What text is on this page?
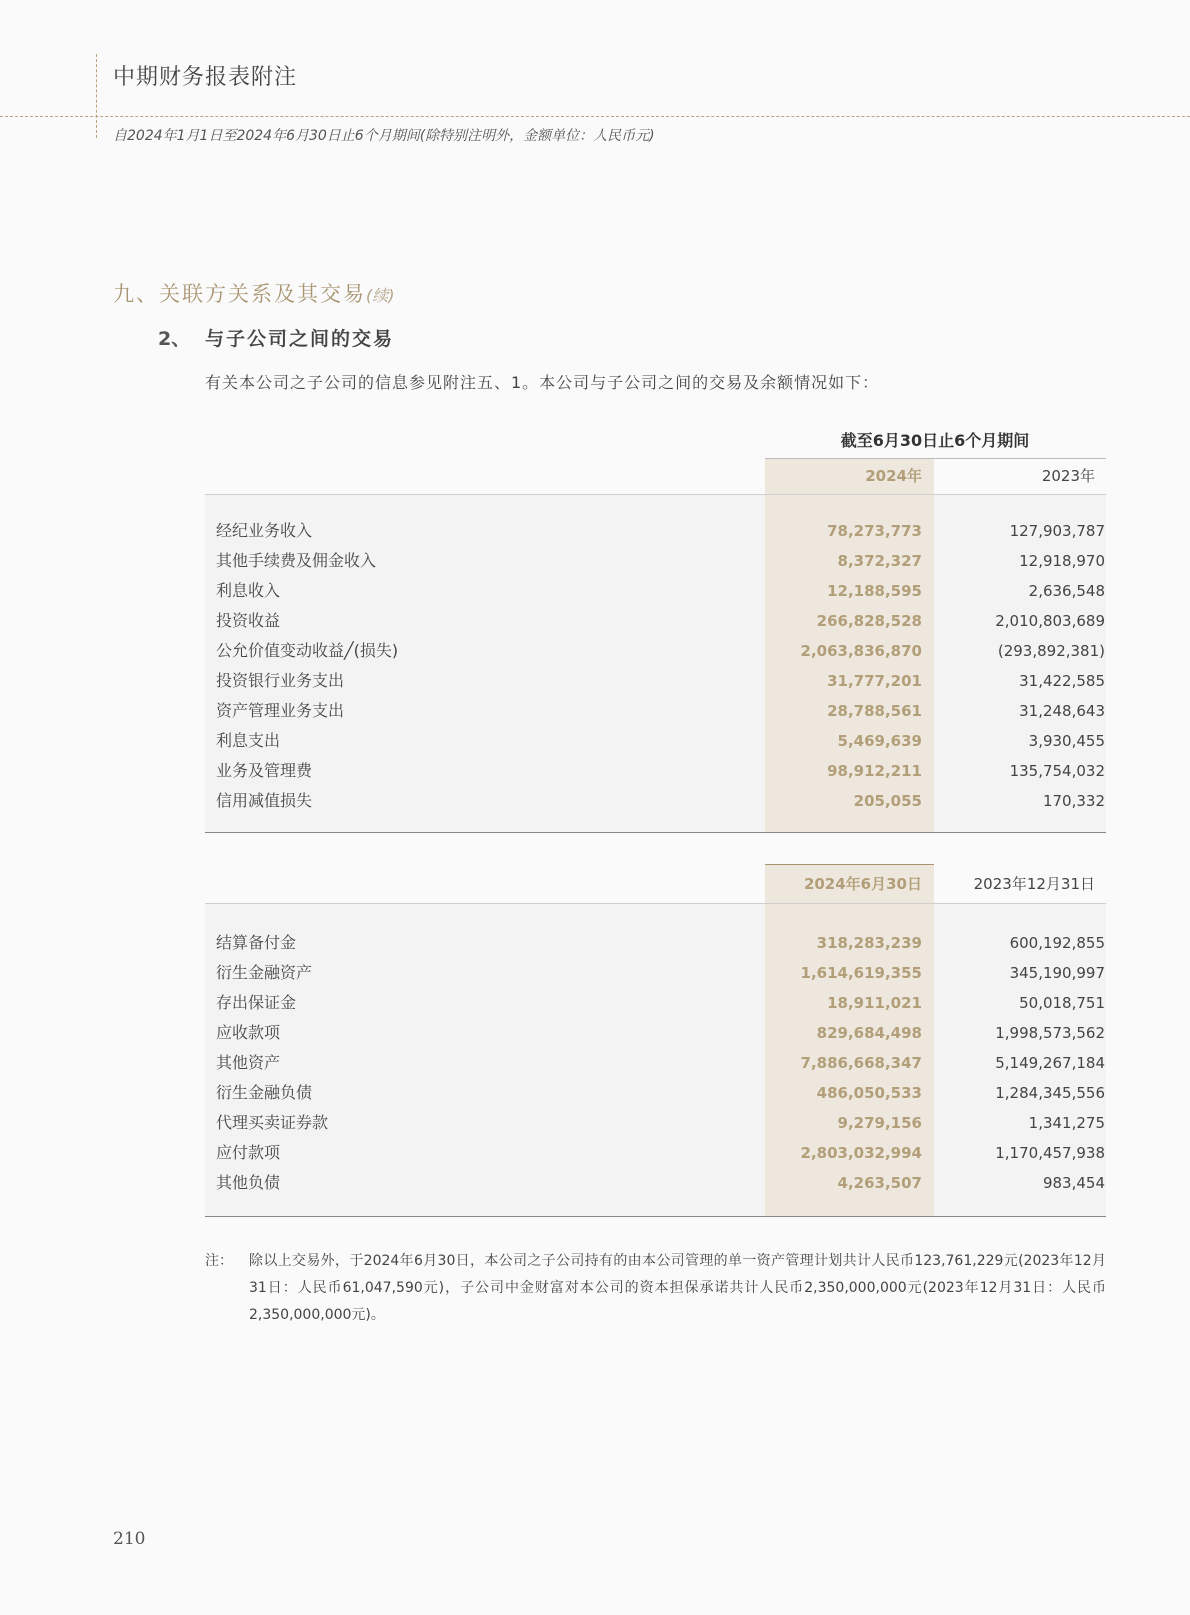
中期财务报表附注
自2024年1月1日至2024年6月30日止6个月期间(除特别注明外，金额单位：人民币元)
九、关联方关系及其交易(续)
2、 与子公司之间的交易
有关本公司之子公司的信息参见附注五、1。本公司与子公司之间的交易及余额情况如下：
截至6月30日止6个月期间
2024年	2023年
经纪业务收入	78,273,773	127,903,787
其他手续费及佣金收入	8,372,327	12,918,970
利息收入	12,188,595	2,636,548
投资收益	266,828,528	2,010,803,689
公允价值变动收益╱(损失)	2,063,836,870	(293,892,381)
投资银行业务支出	31,777,201	31,422,585
资产管理业务支出	28,788,561	31,248,643
利息支出	5,469,639	3,930,455
业务及管理费	98,912,211	135,754,032
信用减值损失	205,055	170,332
2024年6月30日	2023年12月31日
结算备付金	318,283,239	600,192,855
衍生金融资产	1,614,619,355	345,190,997
存出保证金	18,911,021	50,018,751
应收款项	829,684,498	1,998,573,562
其他资产	7,886,668,347	5,149,267,184
衍生金融负债	486,050,533	1,284,345,556
代理买卖证券款	9,279,156	1,341,275
应付款项	2,803,032,994	1,170,457,938
其他负债	4,263,507	983,454
注： 除以上交易外，于2024年6月30日，本公司之子公司持有的由本公司管理的单一资产管理计划共计人民币123,761,229元(2023年12月31日：人民币61,047,590元)，子公司中金财富对本公司的资本担保承诺共计人民币2,350,000,000元(2023年12月31日：人民币2,350,000,000元)。
210
